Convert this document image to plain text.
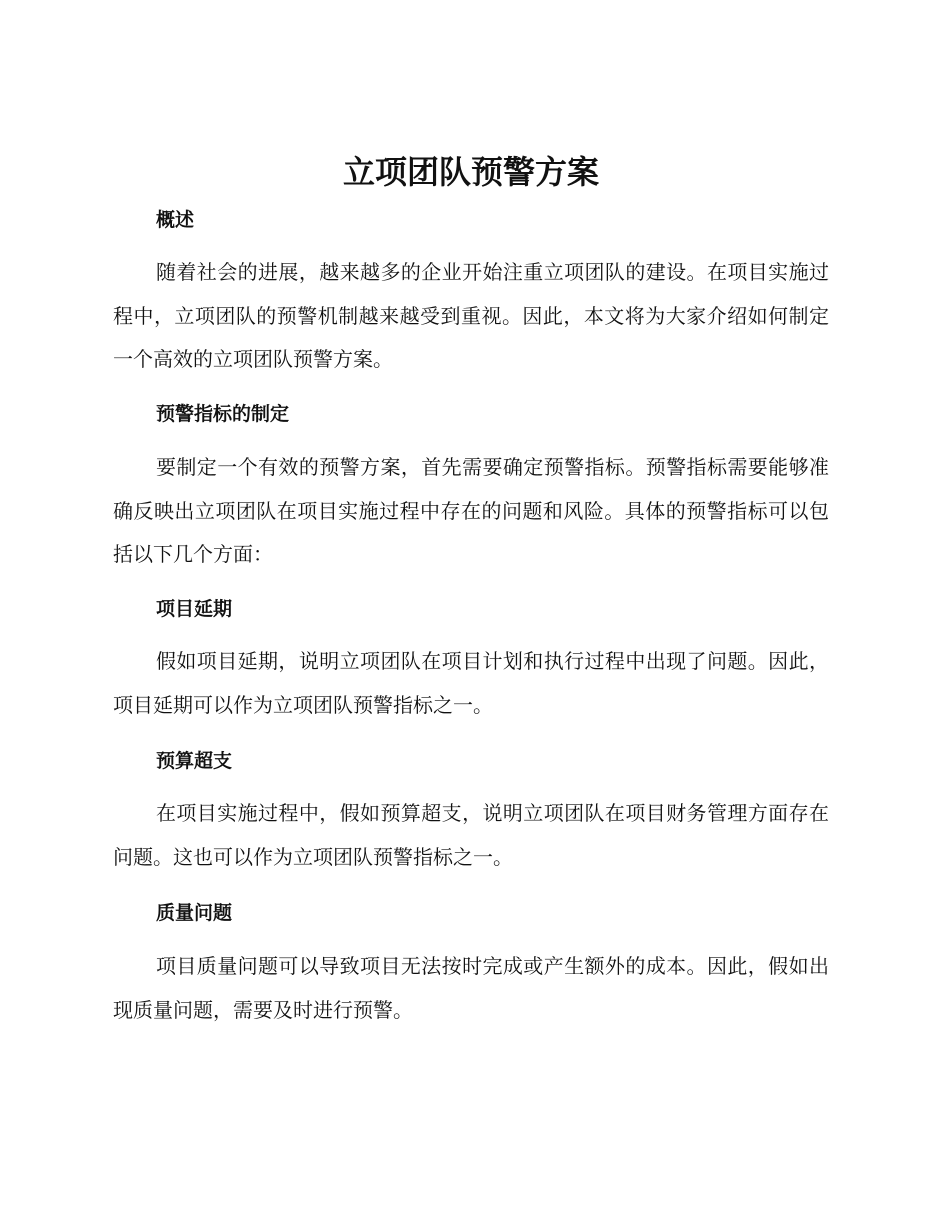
立项团队预警方案
概述

随着社会的进展，越来越多的企业开始注重立项团队的建设。在项目实施过程中，立项团队的预警机制越来越受到重视。因此，本文将为大家介绍如何制定一个高效的立项团队预警方案。

预警指标的制定

要制定一个有效的预警方案，首先需要确定预警指标。预警指标需要能够准确反映出立项团队在项目实施过程中存在的问题和风险。具体的预警指标可以包括以下几个方面：

项目延期

假如项目延期，说明立项团队在项目计划和执行过程中出现了问题。因此，项目延期可以作为立项团队预警指标之一。

预算超支

在项目实施过程中，假如预算超支，说明立项团队在项目财务管理方面存在问题。这也可以作为立项团队预警指标之一。

质量问题

项目质量问题可以导致项目无法按时完成或产生额外的成本。因此，假如出现质量问题，需要及时进行预警。
